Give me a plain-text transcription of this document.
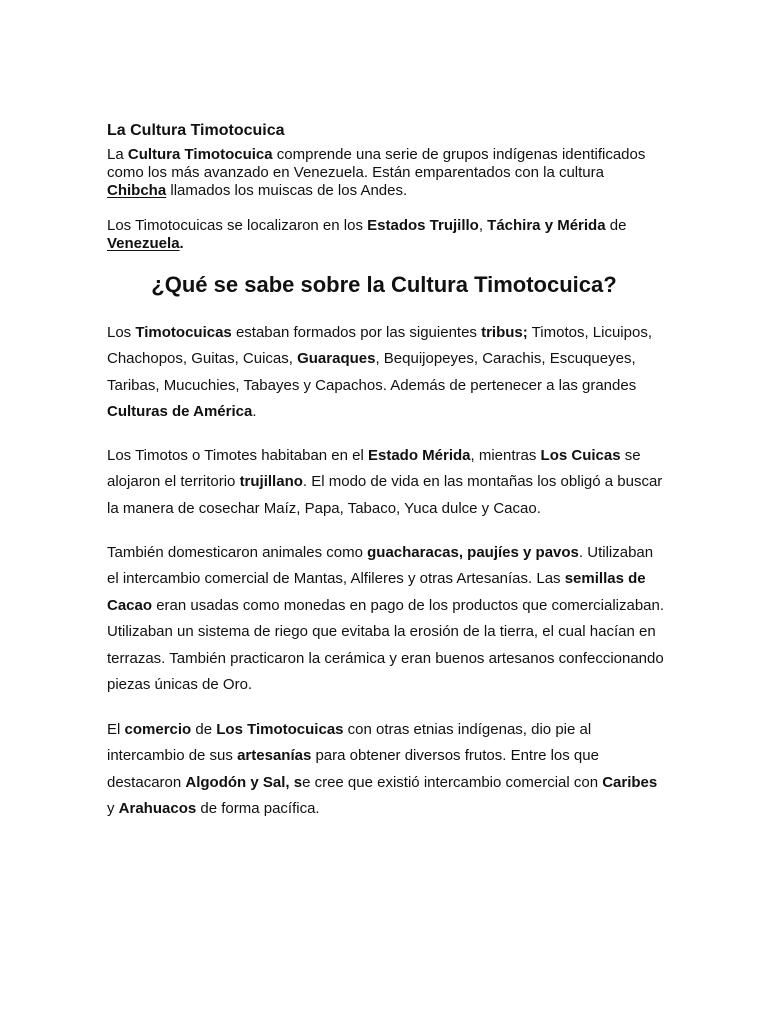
La Cultura Timotocuica

La Cultura Timotocuica comprende una serie de grupos indígenas identificados como los más avanzado en Venezuela. Están emparentados con la cultura Chibcha llamados los muiscas de los Andes.

Los Timotocuicas se localizaron en los Estados Trujillo, Táchira y Mérida de Venezuela.

¿Qué se sabe sobre la Cultura Timotocuica?

Los Timotocuicas estaban formados por las siguientes tribus; Timotos, Licuipos, Chachopos, Guitas, Cuicas, Guaraques, Bequijopeyes, Carachis, Escuqueyes, Taribas, Mucuchies, Tabayes y Capachos. Además de pertenecer a las grandes Culturas de América.

Los Timotos o Timotes habitaban en el Estado Mérida, mientras Los Cuicas se alojaron el territorio trujillano. El modo de vida en las montañas los obligó a buscar la manera de cosechar Maíz, Papa, Tabaco, Yuca dulce y Cacao.

También domesticaron animales como guacharacas, paujíes y pavos. Utilizaban el intercambio comercial de Mantas, Alfileres y otras Artesanías. Las semillas de Cacao eran usadas como monedas en pago de los productos que comercializaban. Utilizaban un sistema de riego que evitaba la erosión de la tierra, el cual hacían en terrazas. También practicaron la cerámica y eran buenos artesanos confeccionando piezas únicas de Oro.

El comercio de Los Timotocuicas con otras etnias indígenas, dio pie al intercambio de sus artesanías para obtener diversos frutos. Entre los que destacaron Algodón y Sal, se cree que existió intercambio comercial con Caribes y Arahuacos de forma pacífica.
